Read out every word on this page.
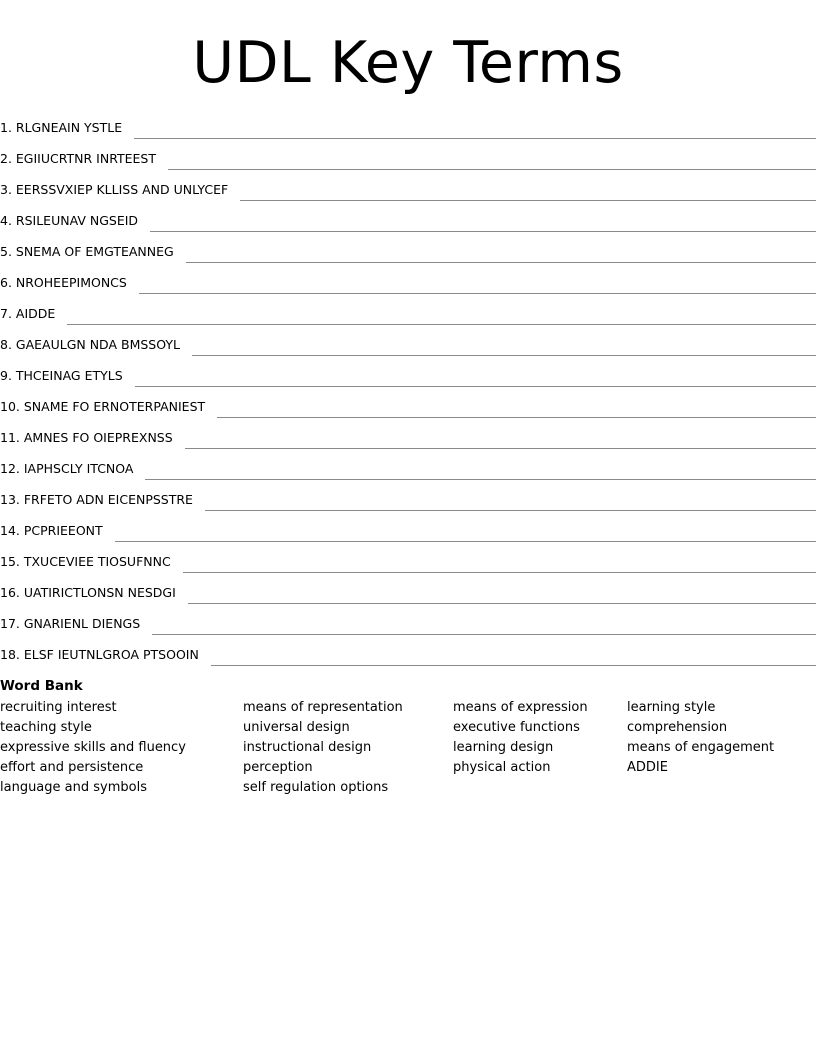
UDL Key Terms
1. RLGNEAIN YSTLE
2. EGIIUCRTNR INRTEEST
3. EERSSVXIEP KLLISS AND UNLYCEF
4. RSILEUNAV NGSEID
5. SNEMA OF EMGTEANNEG
6. NROHEEPIMONCS
7. AIDDE
8. GAEAULGN NDA BMSSOYL
9. THCEINAG ETYLS
10. SNAME FO ERNOTERPANIEST
11. AMNES FO OIEPREXNSS
12. IAPHSCLY ITCNOA
13. FRFETO ADN EICENPSSTRE
14. PCPRIEEONT
15. TXUCEVIEE TIOSUFNNC
16. UATIRICTLONSN NESDGI
17. GNARIENL DIENGS
18. ELSF IEUTNLGROA PTSOOIN
Word Bank
recruiting interest
teaching style
expressive skills and fluency
effort and persistence
language and symbols
means of representation
universal design
instructional design
perception
self regulation options
means of expression
executive functions
learning design
physical action
learning style
comprehension
means of engagement
ADDIE
